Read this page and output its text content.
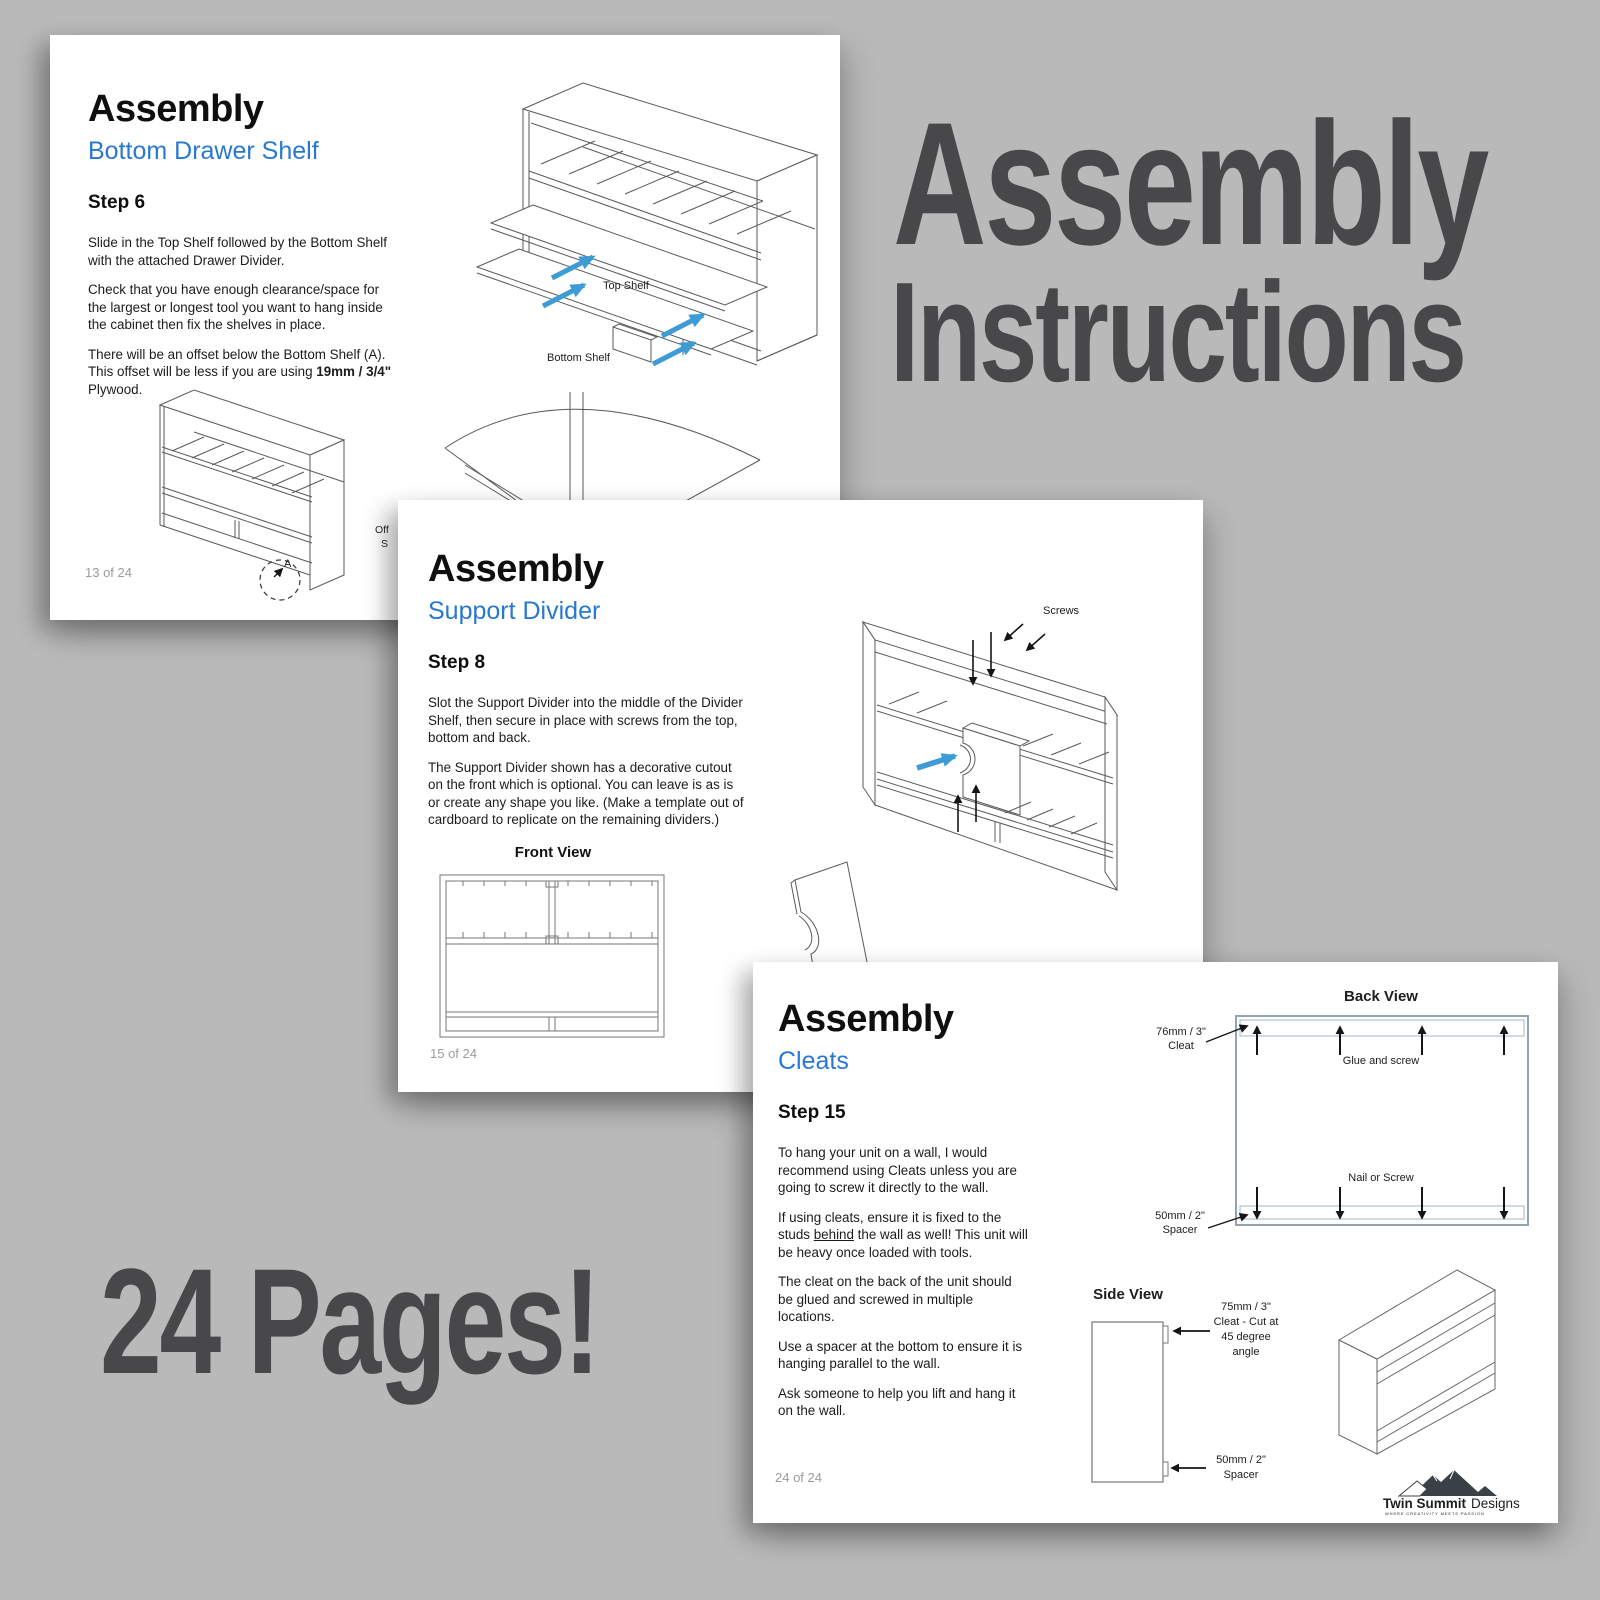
Assembly
Bottom Drawer Shelf
Step 6

Slide in the Top Shelf followed by the Bottom Shelf with the attached Drawer Divider.

Check that you have enough clearance/space for the largest or longest tool you want to hang inside the cabinet then fix the shelves in place.

There will be an offset below the Bottom Shelf (A). This offset will be less if you are using 19mm / 3/4" Plywood.

Top Shelf
Bottom Shelf
A
Off
S
13 of 24	Assembly
Support Divider
Step 8

Slot the Support Divider into the middle of the Divider Shelf, then secure in place with screws from the top, bottom and back.

The Support Divider shown has a decorative cutout on the front which is optional. You can leave is as is or create any shape you like. (Make a template out of cardboard to replicate on the remaining dividers.)

Front View
Screws
15 of 24
Assembly
Cleats
Step 15

To hang your unit on a wall, I would recommend using Cleats unless you are going to screw it directly to the wall.

If using cleats, ensure it is fixed to the studs behind the wall as well! This unit will be heavy once loaded with tools.

The cleat on the back of the unit should be glued and screwed in multiple locations.

Use a spacer at the bottom to ensure it is hanging parallel to the wall.

Ask someone to help you lift and hang it on the wall.

Back View
Glue and screw
Nail or Screw
76mm / 3"
Cleat
50mm / 2"
Spacer
Side View
75mm / 3"
Cleat - Cut at
45 degree
angle
50mm / 2"
Spacer
Twin Summit Designs
WHERE CREATIVITY MEETS PASSION
24 of 24
Assembly
Instructions
24 Pages!
